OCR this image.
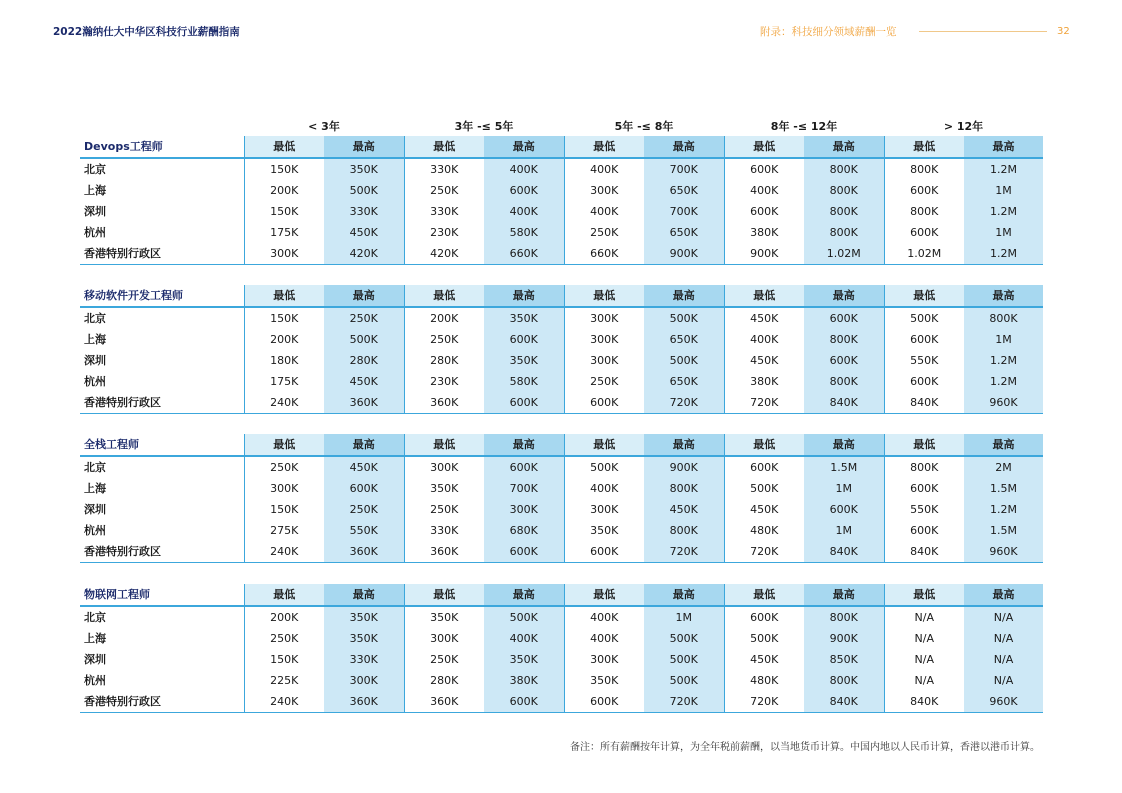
2022瀚纳仕大中华区科技行业薪酬指南	附录：科技细分领域薪酬一览	32
< 3年	3年 -≤ 5年	5年 -≤ 8年	8年 -≤ 12年	> 12年
Devops工程师	最低	最高	最低	最高	最低	最高	最低	最高	最低	最高
北京	150K	350K	330K	400K	400K	700K	600K	800K	800K	1.2M
上海	200K	500K	250K	600K	300K	650K	400K	800K	600K	1M
深圳	150K	330K	330K	400K	400K	700K	600K	800K	800K	1.2M
杭州	175K	450K	230K	580K	250K	650K	380K	800K	600K	1M
香港特别行政区	300K	420K	420K	660K	660K	900K	900K	1.02M	1.02M	1.2M
移动软件开发工程师	最低	最高	最低	最高	最低	最高	最低	最高	最低	最高
北京	150K	250K	200K	350K	300K	500K	450K	600K	500K	800K
上海	200K	500K	250K	600K	300K	650K	400K	800K	600K	1M
深圳	180K	280K	280K	350K	300K	500K	450K	600K	550K	1.2M
杭州	175K	450K	230K	580K	250K	650K	380K	800K	600K	1.2M
香港特别行政区	240K	360K	360K	600K	600K	720K	720K	840K	840K	960K
全栈工程师	最低	最高	最低	最高	最低	最高	最低	最高	最低	最高
北京	250K	450K	300K	600K	500K	900K	600K	1.5M	800K	2M
上海	300K	600K	350K	700K	400K	800K	500K	1M	600K	1.5M
深圳	150K	250K	250K	300K	300K	450K	450K	600K	550K	1.2M
杭州	275K	550K	330K	680K	350K	800K	480K	1M	600K	1.5M
香港特别行政区	240K	360K	360K	600K	600K	720K	720K	840K	840K	960K
物联网工程师	最低	最高	最低	最高	最低	最高	最低	最高	最低	最高
北京	200K	350K	350K	500K	400K	1M	600K	800K	N/A	N/A
上海	250K	350K	300K	400K	400K	500K	500K	900K	N/A	N/A
深圳	150K	330K	250K	350K	300K	500K	450K	850K	N/A	N/A
杭州	225K	300K	280K	380K	350K	500K	480K	800K	N/A	N/A
香港特别行政区	240K	360K	360K	600K	600K	720K	720K	840K	840K	960K
备注：所有薪酬按年计算，为全年税前薪酬，以当地货币计算。中国内地以人民币计算，香港以港币计算。
